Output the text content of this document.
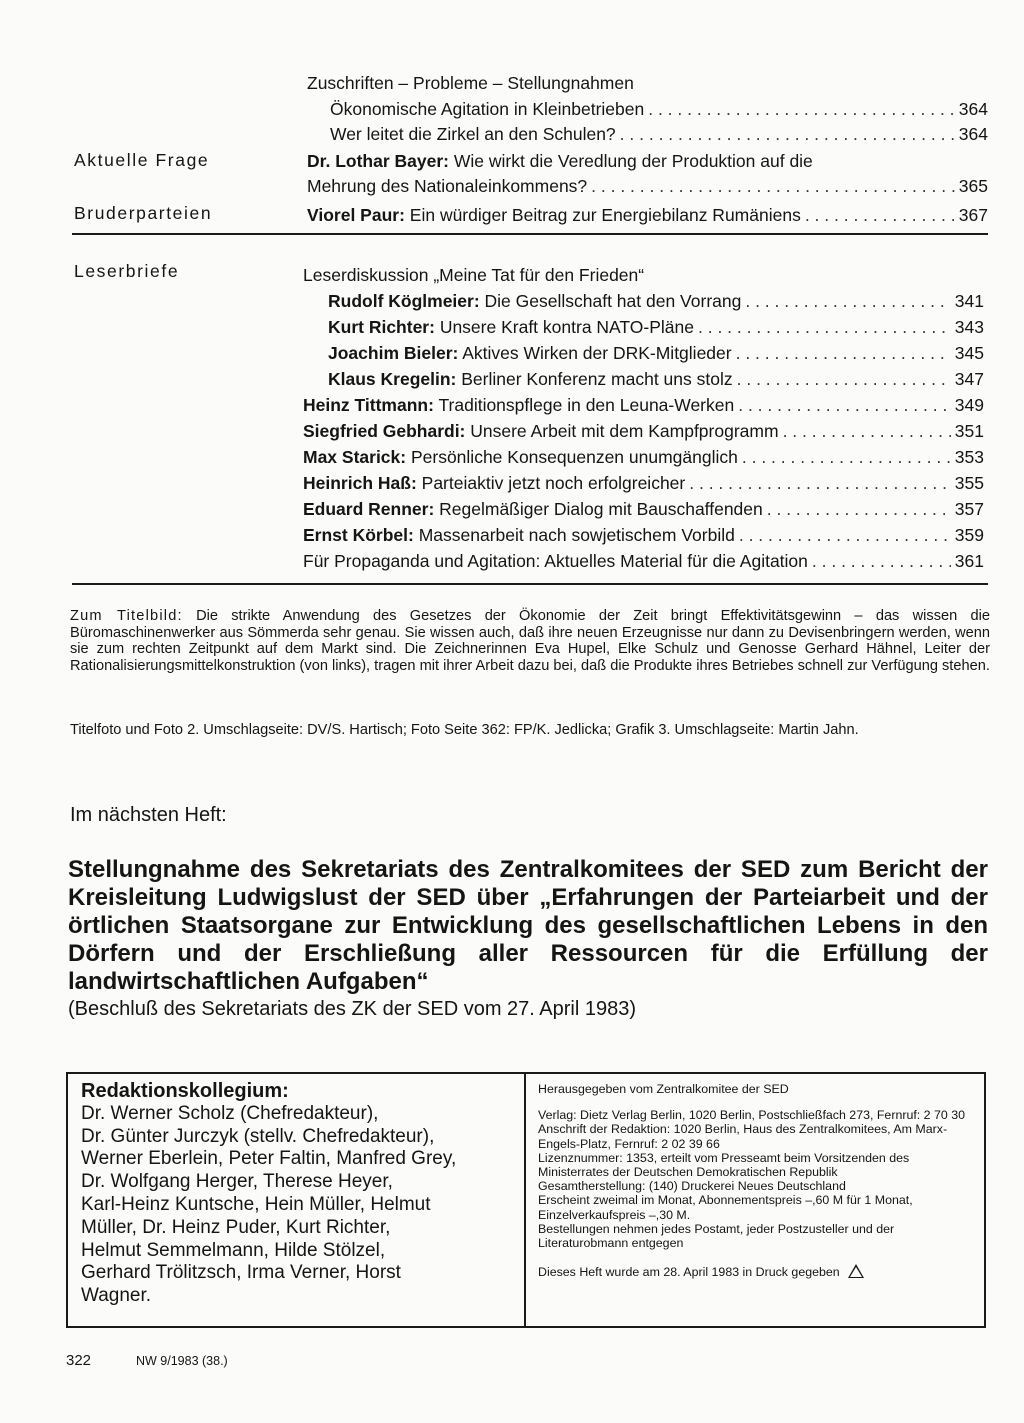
Zuschriften – Probleme – Stellungnahmen
Ökonomische Agitation in Kleinbetrieben . . .	364
Wer leitet die Zirkel an den Schulen? . . .	364
Aktuelle Frage	Dr. Lothar Bayer: Wie wirkt die Veredlung der Produktion auf die
Mehrung des Nationaleinkommens? . . .	365
Bruderparteien	Viorel Paur: Ein würdiger Beitrag zur Energiebilanz Rumäniens . . .	367
Leserbriefe	Leserdiskussion „Meine Tat für den Frieden“
Rudolf Köglmeier: Die Gesellschaft hat den Vorrang . . .	341
Kurt Richter: Unsere Kraft kontra NATO-Pläne . . .	343
Joachim Bieler: Aktives Wirken der DRK-Mitglieder . . .	345
Klaus Kregelin: Berliner Konferenz macht uns stolz . . .	347
Heinz Tittmann: Traditionspflege in den Leuna-Werken . . .	349
Siegfried Gebhardi: Unsere Arbeit mit dem Kampfprogramm . . .	351
Max Starick: Persönliche Konsequenzen unumgänglich . . .	353
Heinrich Haß: Parteiaktiv jetzt noch erfolgreicher . . .	355
Eduard Renner: Regelmäßiger Dialog mit Bauschaffenden . . .	357
Ernst Körbel: Massenarbeit nach sowjetischem Vorbild . . .	359
Für Propaganda und Agitation: Aktuelles Material für die Agitation . . .	361
Zum Titelbild: Die strikte Anwendung des Gesetzes der Ökonomie der Zeit bringt Effektivitätsgewinn – das wissen die Büromaschinenwerker aus Sömmerda sehr genau. Sie wissen auch, daß ihre neuen Erzeugnisse nur dann zu Devisenbringern werden, wenn sie zum rechten Zeitpunkt auf dem Markt sind. Die Zeichnerinnen Eva Hupel, Elke Schulz und Genosse Gerhard Hähnel, Leiter der Rationalisierungsmittelkonstruktion (von links), tragen mit ihrer Arbeit dazu bei, daß die Produkte ihres Betriebes schnell zur Verfügung stehen.
Titelfoto und Foto 2. Umschlagseite: DV/S. Hartisch; Foto Seite 362: FP/K. Jedlicka; Grafik 3. Umschlagseite: Martin Jahn.
Im nächsten Heft:
Stellungnahme des Sekretariats des Zentralkomitees der SED zum Bericht der Kreisleitung Ludwigslust der SED über „Erfahrungen der Parteiarbeit und der örtlichen Staatsorgane zur Entwicklung des gesellschaftlichen Lebens in den Dörfern und der Erschließung aller Ressourcen für die Erfüllung der landwirtschaftlichen Aufgaben“
(Beschluß des Sekretariats des ZK der SED vom 27. April 1983)
Redaktionskollegium:
Dr. Werner Scholz (Chefredakteur),
Dr. Günter Jurczyk (stellv. Chefredakteur),
Werner Eberlein, Peter Faltin, Manfred Grey,
Dr. Wolfgang Herger, Therese Heyer,
Karl-Heinz Kuntsche, Hein Müller, Helmut
Müller, Dr. Heinz Puder, Kurt Richter,
Helmut Semmelmann, Hilde Stölzel,
Gerhard Trölitzsch, Irma Verner, Horst
Wagner.
Herausgegeben vom Zentralkomitee der SED
Verlag: Dietz Verlag Berlin, 1020 Berlin, Postschließfach 273, Fernruf: 2 70 30
Anschrift der Redaktion: 1020 Berlin, Haus des Zentralkomitees, Am Marx-Engels-Platz, Fernruf: 2 02 39 66
Lizenznummer: 1353, erteilt vom Presseamt beim Vorsitzenden des Ministerrates der Deutschen Demokratischen Republik
Gesamtherstellung: (140) Druckerei Neues Deutschland
Erscheint zweimal im Monat, Abonnementspreis –,60 M für 1 Monat, Einzelverkaufspreis –,30 M.
Bestellungen nehmen jedes Postamt, jeder Postzusteller und der Literaturobmann entgegen
Dieses Heft wurde am 28. April 1983 in Druck gegeben
322	NW 9/1983 (38.)
